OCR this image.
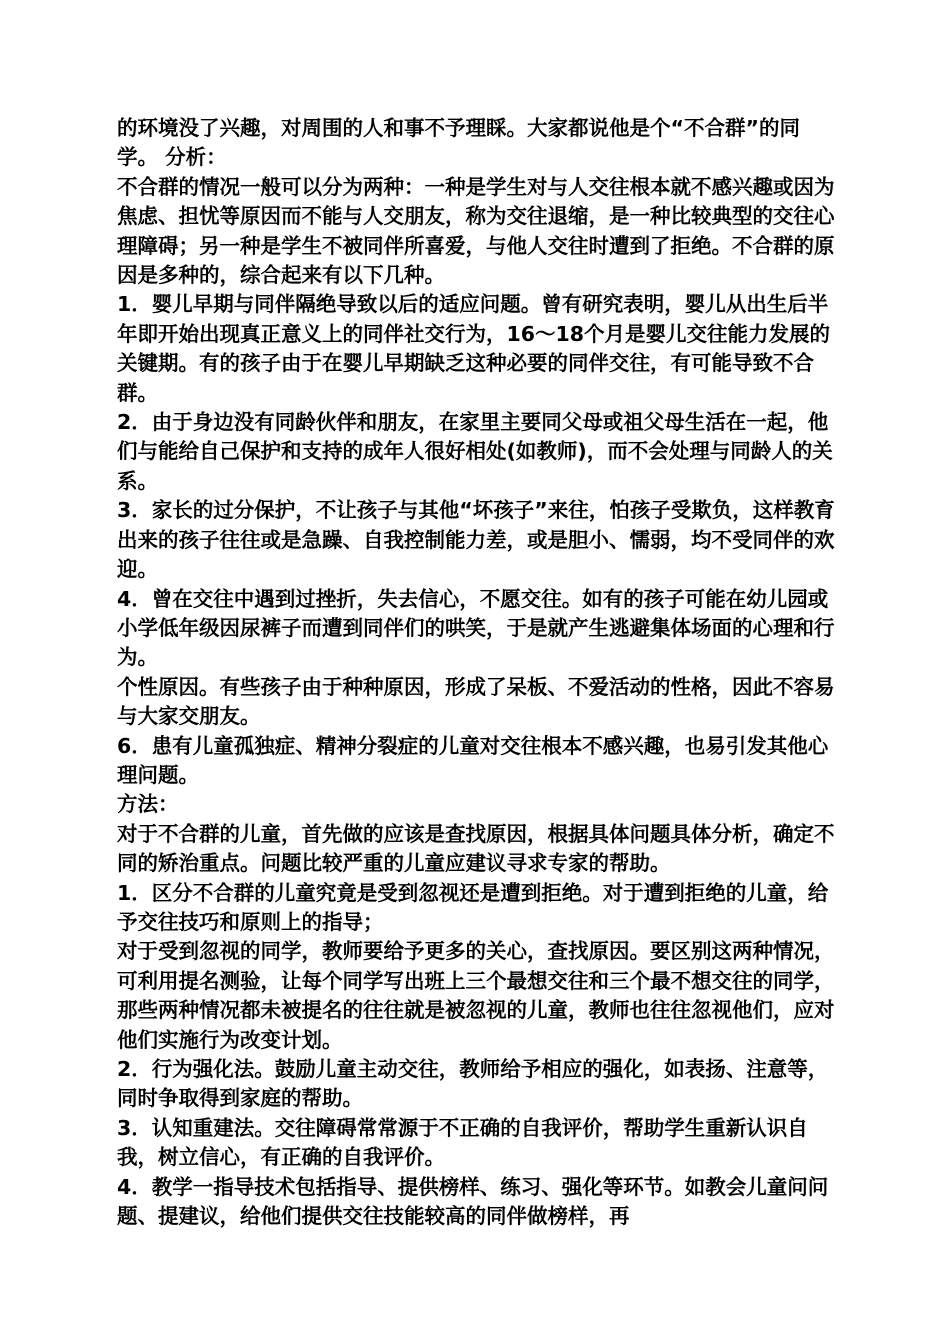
的环境没了兴趣，对周围的人和事不予理睬。大家都说他是个“不合群”的同学。 分析：

不合群的情况一般可以分为两种：一种是学生对与人交往根本就不感兴趣或因为焦虑、担忧等原因而不能与人交朋友，称为交往退缩，是一种比较典型的交往心理障碍；另一种是学生不被同伴所喜爱，与他人交往时遭到了拒绝。不合群的原因是多种的，综合起来有以下几种。

1．婴儿早期与同伴隔绝导致以后的适应问题。曾有研究表明，婴儿从出生后半年即开始出现真正意义上的同伴社交行为，16～18个月是婴儿交往能力发展的关键期。有的孩子由于在婴儿早期缺乏这种必要的同伴交往，有可能导致不合群。

2．由于身边没有同龄伙伴和朋友，在家里主要同父母或祖父母生活在一起，他们与能给自己保护和支持的成年人很好相处(如教师)，而不会处理与同龄人的关系。

3．家长的过分保护，不让孩子与其他“坏孩子”来往，怕孩子受欺负，这样教育出来的孩子往往或是急躁、自我控制能力差，或是胆小、懦弱，均不受同伴的欢迎。

4．曾在交往中遇到过挫折，失去信心，不愿交往。如有的孩子可能在幼儿园或小学低年级因尿裤子而遭到同伴们的哄笑，于是就产生逃避集体场面的心理和行为。

个性原因。有些孩子由于种种原因，形成了呆板、不爱活动的性格，因此不容易与大家交朋友。

6．患有儿童孤独症、精神分裂症的儿童对交往根本不感兴趣，也易引发其他心理问题。

方法：

对于不合群的儿童，首先做的应该是查找原因，根据具体问题具体分析，确定不同的矫治重点。问题比较严重的儿童应建议寻求专家的帮助。

1．区分不合群的儿童究竟是受到忽视还是遭到拒绝。对于遭到拒绝的儿童，给予交往技巧和原则上的指导；

对于受到忽视的同学，教师要给予更多的关心，查找原因。要区别这两种情况，可利用提名测验，让每个同学写出班上三个最想交往和三个最不想交往的同学，那些两种情况都未被提名的往往就是被忽视的儿童，教师也往往忽视他们，应对他们实施行为改变计划。

2．行为强化法。鼓励儿童主动交往，教师给予相应的强化，如表扬、注意等，同时争取得到家庭的帮助。

3．认知重建法。交往障碍常常源于不正确的自我评价，帮助学生重新认识自我，树立信心，有正确的自我评价。

4．教学一指导技术包括指导、提供榜样、练习、强化等环节。如教会儿童问问题、提建议，给他们提供交往技能较高的同伴做榜样，再
